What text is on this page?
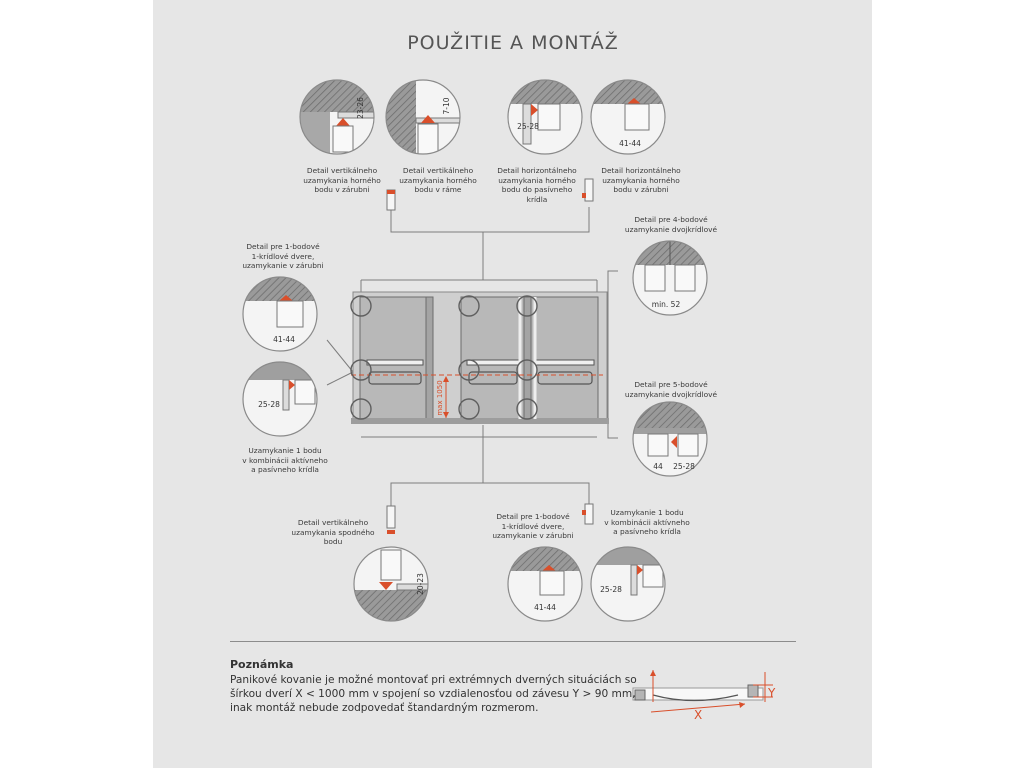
POUŽITIE A MONTÁŽ
23-26	7-10
25-28
41-44
41-44
25-28
min. 52
44 25-28
20-23
41-44
25-28
max 1050
X
Y
Detail vertikálneho
uzamykania horného
bodu v zárubni
Detail vertikálneho
uzamykania horného
bodu v ráme
Detail horizontálneho
uzamykania horného
bodu do pasívneho
krídla
Detail horizontálneho
uzamykania horného
bodu v zárubni
Detail pre 1-bodové
1-krídlové dvere,
uzamykanie v zárubni
Uzamykanie 1 bodu
v kombinácii aktívneho
a pasívneho krídla
Detail pre 4-bodové
uzamykanie dvojkrídlové
Detail pre 5-bodové
uzamykanie dvojkrídlové
Detail vertikálneho
uzamykania spodného
bodu
Detail pre 1-bodové
1-krídlové dvere,
uzamykanie v zárubni
Uzamykanie 1 bodu
v kombinácii aktívneho
a pasívneho krídla
Poznámka
Panikové kovanie je možné montovať pri extrémnych dverných situáciách so
šírkou dverí X < 1000 mm v spojení so vzdialenosťou od závesu Y > 90 mm,
inak montáž nebude zodpovedať štandardným rozmerom.
